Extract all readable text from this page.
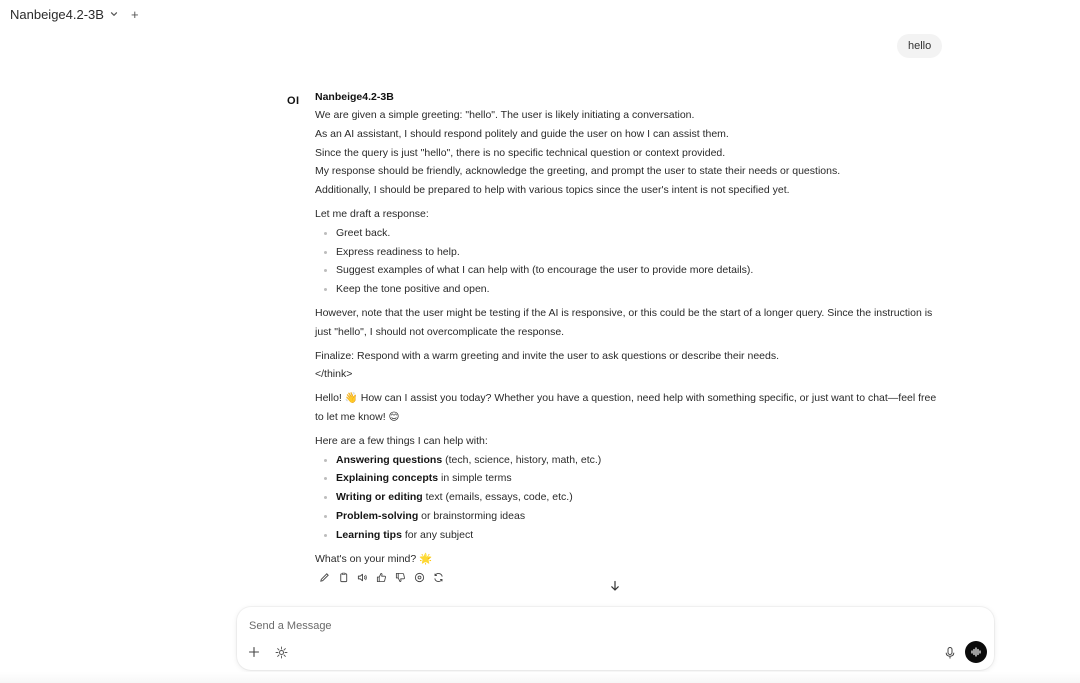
Nanbeige4.2-3B +
hello
OI Nanbeige4.2-3B

We are given a simple greeting: "hello". The user is likely initiating a conversation.

As an AI assistant, I should respond politely and guide the user on how I can assist them.

Since the query is just "hello", there is no specific technical question or context provided.

My response should be friendly, acknowledge the greeting, and prompt the user to state their needs or questions.

Additionally, I should be prepared to help with various topics since the user's intent is not specified yet.

Let me draft a response:

Greet back.
Express readiness to help.
Suggest examples of what I can help with (to encourage the user to provide more details).
Keep the tone positive and open.

However, note that the user might be testing if the AI is responsive, or this could be the start of a longer query. Since the instruction is just "hello", I should not overcomplicate the response.

Finalize: Respond with a warm greeting and invite the user to ask questions or describe their needs.

</think>

Hello! 👋 How can I assist you today? Whether you have a question, need help with something specific, or just want to chat—feel free to let me know! 😊

Here are a few things I can help with:

Answering questions (tech, science, history, math, etc.)
Explaining concepts in simple terms
Writing or editing text (emails, essays, code, etc.)
Problem-solving or brainstorming ideas
Learning tips for any subject

What's on your mind? 🌟

Send a Message
